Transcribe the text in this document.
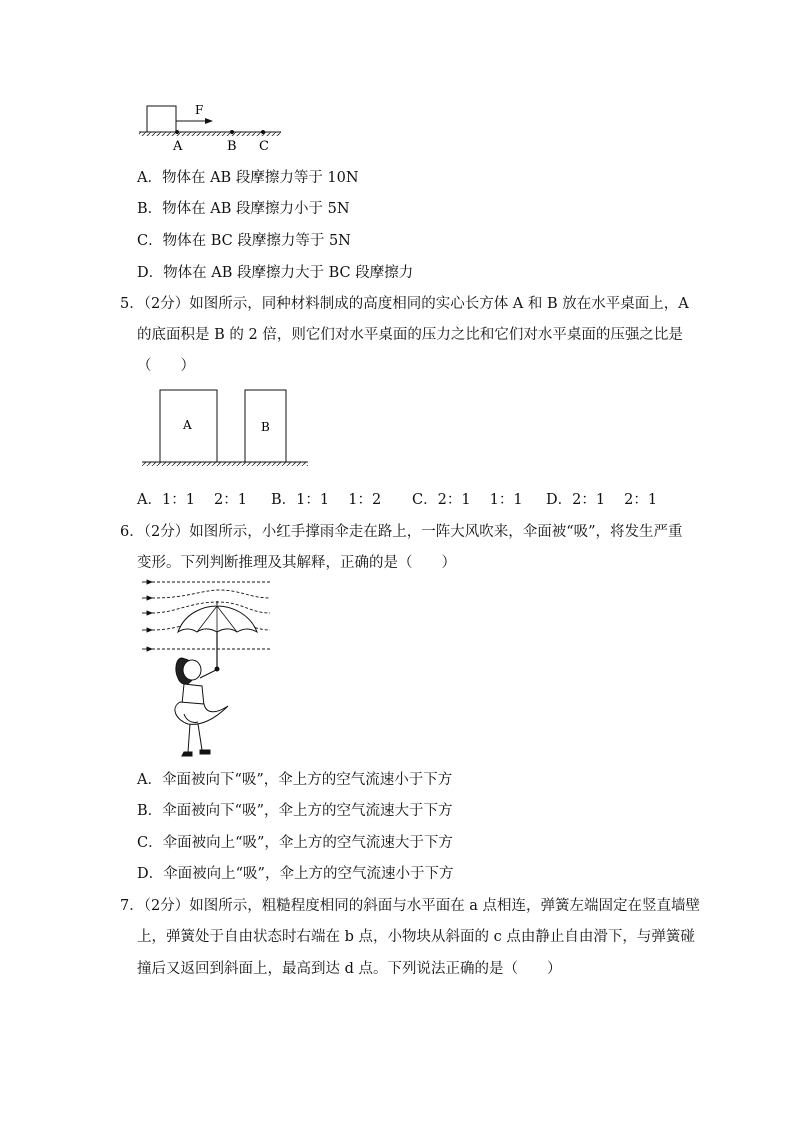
F
A	B C
A．物体在 AB 段摩擦力等于 10N
B．物体在 AB 段摩擦力小于 5N
C．物体在 BC 段摩擦力等于 5N
D．物体在 AB 段摩擦力大于 BC 段摩擦力
5．（2分）如图所示，同种材料制成的高度相同的实心长方体 A 和 B 放在水平桌面上，A
的底面积是 B 的 2 倍，则它们对水平桌面的压力之比和它们对水平桌面的压强之比是
（　　）
A	B
A．1：1　 2：1 B．1：1　 1：2 C．2：1　 1：1 D．2：1　 2：1
6．（2分）如图所示，小红手撑雨伞走在路上，一阵大风吹来，伞面被“吸”，将发生严重
变形。下列判断推理及其解释，正确的是（　　）
A．伞面被向下“吸”，伞上方的空气流速小于下方
B．伞面被向下“吸”，伞上方的空气流速大于下方
C．伞面被向上“吸”，伞上方的空气流速大于下方
D．伞面被向上“吸”，伞上方的空气流速小于下方
7．（2分）如图所示，粗糙程度相同的斜面与水平面在 a 点相连，弹簧左端固定在竖直墙壁
上，弹簧处于自由状态时右端在 b 点，小物块从斜面的 c 点由静止自由滑下，与弹簧碰
撞后又返回到斜面上，最高到达 d 点。下列说法正确的是（　　）
